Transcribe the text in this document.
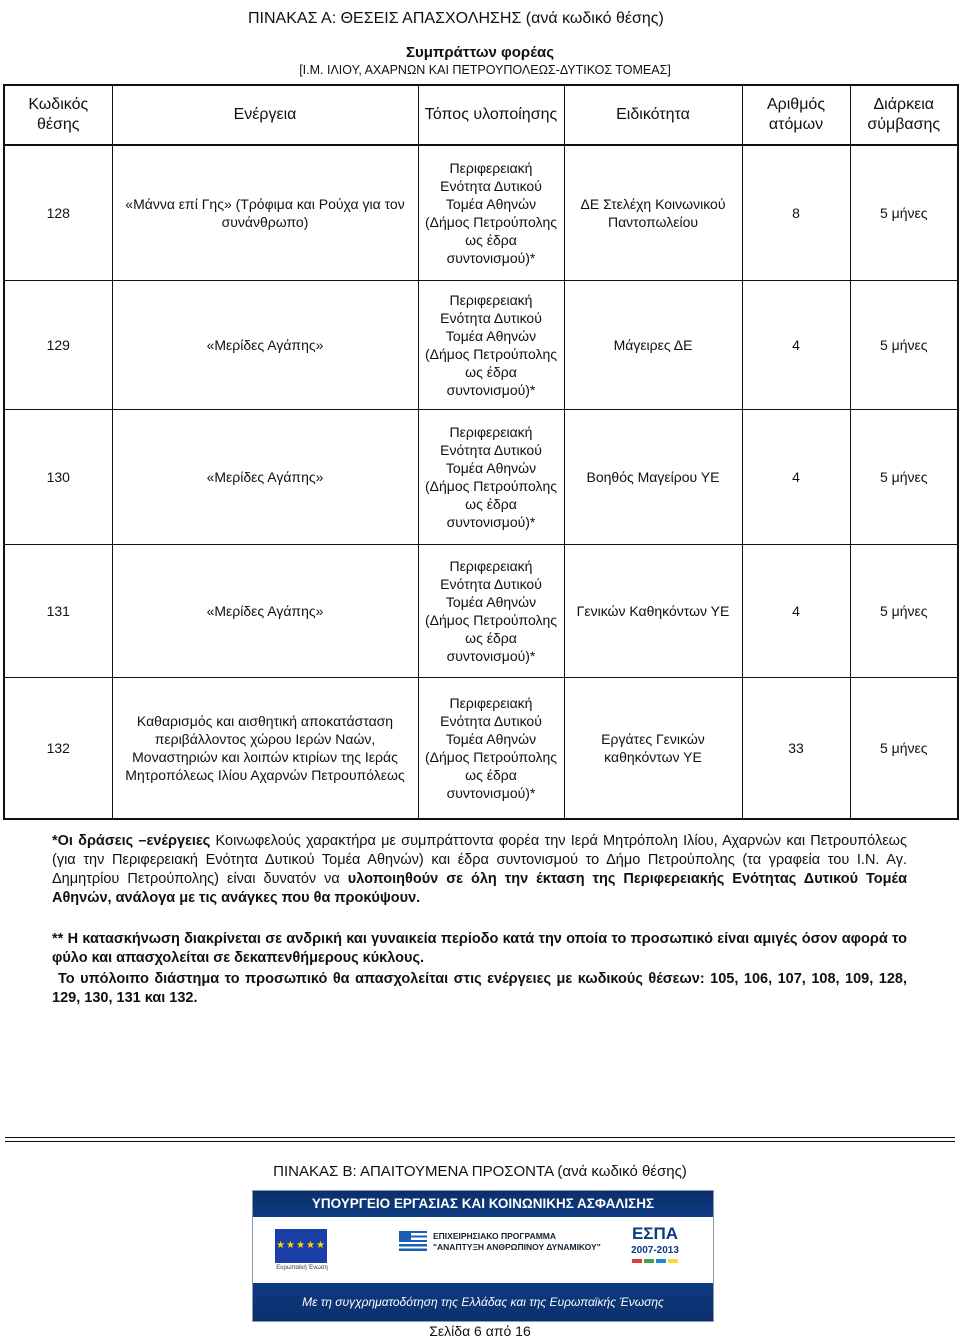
ΠΙΝΑΚΑΣ Α: ΘΕΣΕΙΣ ΑΠΑΣΧΟΛΗΣΗΣ (ανά κωδικό θέσης)
Συμπράττων φορέας
[Ι.Μ. ΙΛΙΟΥ, ΑΧΑΡΝΩΝ ΚΑΙ ΠΕΤΡΟΥΠΟΛΕΩΣ-ΔΥΤΙΚΟΣ ΤΟΜΕΑΣ]
Κωδικός θέσης	Ενέργεια	Τόπος υλοποίησης	Ειδικότητα	Αριθμός ατόμων	Διάρκεια σύμβασης
128	«Μάννα επί Γης» (Τρόφιμα και Ρούχα για τον συνάνθρωπο)	Περιφερειακή Ενότητα Δυτικού Τομέα Αθηνών (Δήμος Πετρούπολης ως έδρα συντονισμού)*	ΔΕ Στελέχη Κοινωνικού Παντοπωλείου	8	5 μήνες
129	«Μερίδες Αγάπης»	Περιφερειακή Ενότητα Δυτικού Τομέα Αθηνών (Δήμος Πετρούπολης ως έδρα συντονισμού)*	Μάγειρες ΔΕ	4	5 μήνες
130	«Μερίδες Αγάπης»	Περιφερειακή Ενότητα Δυτικού Τομέα Αθηνών (Δήμος Πετρούπολης ως έδρα συντονισμού)*	Βοηθός Μαγείρου ΥΕ	4	5 μήνες
131	«Μερίδες Αγάπης»	Περιφερειακή Ενότητα Δυτικού Τομέα Αθηνών (Δήμος Πετρούπολης ως έδρα συντονισμού)*	Γενικών Καθηκόντων ΥΕ	4	5 μήνες
132	Καθαρισμός και αισθητική αποκατάσταση περιβάλλοντος χώρου Ιερών Ναών, Μοναστηριών και λοιπών κτιρίων της Ιεράς Μητροπόλεως Ιλίου Αχαρνών Πετρουπόλεως	Περιφερειακή Ενότητα Δυτικού Τομέα Αθηνών (Δήμος Πετρούπολης ως έδρα συντονισμού)*	Εργάτες Γενικών καθηκόντων ΥΕ	33	5 μήνες

*Οι δράσεις –ενέργειες Κοινωφελούς χαρακτήρα με συμπράττοντα φορέα την Ιερά Μητρόπολη Ιλίου, Αχαρνών και Πετρουπόλεως (για την Περιφερειακή Ενότητα Δυτικού Τομέα Αθηνών) και έδρα συντονισμού το Δήμο Πετρούπολης (τα γραφεία του Ι.Ν. Αγ. Δημητρίου Πετρούπολης) είναι δυνατόν να υλοποιηθούν σε όλη την έκταση της Περιφερειακής Ενότητας Δυτικού Τομέα Αθηνών, ανάλογα με τις ανάγκες που θα προκύψουν.

** Η κατασκήνωση διακρίνεται σε ανδρική και γυναικεία περίοδο κατά την οποία το προσωπικό είναι αμιγές όσον αφορά το φύλο και απασχολείται σε δεκαπενθήμερους κύκλους.

Το υπόλοιπο διάστημα το προσωπικό θα απασχολείται στις ενέργειες με κωδικούς θέσεων: 105, 106, 107, 108, 109, 128, 129, 130, 131 και 132.

ΠΙΝΑΚΑΣ Β: ΑΠΑΙΤΟΥΜΕΝΑ ΠΡΟΣΟΝΤΑ (ανά κωδικό θέσης)
ΥΠΟΥΡΓΕΙΟ ΕΡΓΑΣΙΑΣ ΚΑΙ ΚΟΙΝΩΝΙΚΗΣ ΑΣΦΑΛΙΣΗΣ
★★★★★
Ευρωπαϊκή Ένωση
ΕΠΙΧΕΙΡΗΣΙΑΚΟ ΠΡΟΓΡΑΜΜΑ
"ΑΝΑΠΤΥΞΗ ΑΝΘΡΩΠΙΝΟΥ ΔΥΝΑΜΙΚΟΥ"
ΕΣΠΑ
2007-2013
Με τη συγχρηματοδότηση της Ελλάδας και της Ευρωπαϊκής Ένωσης
Σελίδα 6 από 16
